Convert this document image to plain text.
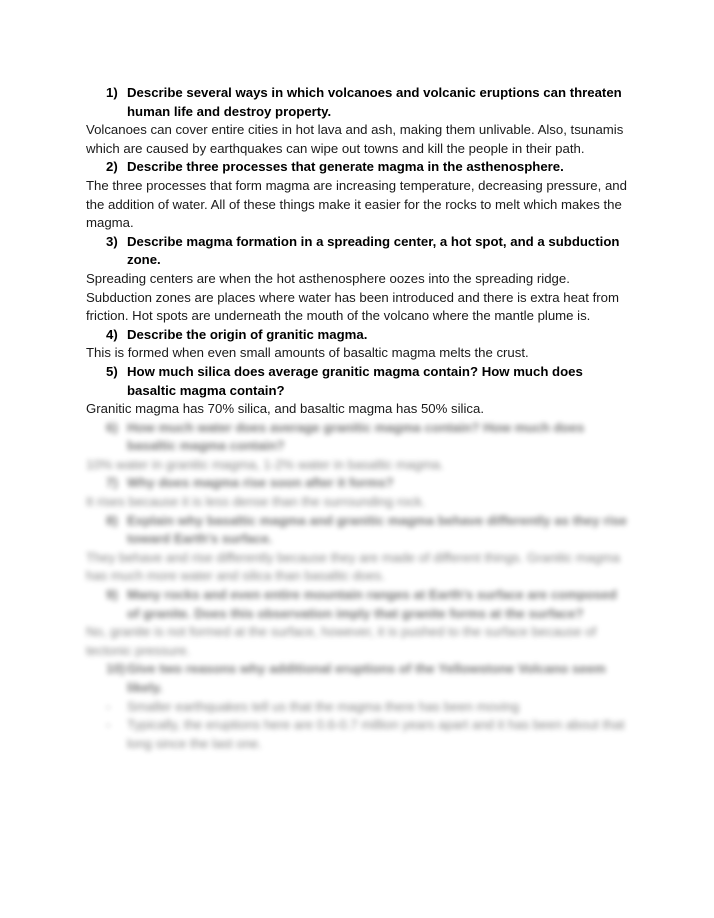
1) Describe several ways in which volcanoes and volcanic eruptions can threaten human life and destroy property.
Volcanoes can cover entire cities in hot lava and ash, making them unlivable. Also, tsunamis which are caused by earthquakes can wipe out towns and kill the people in their path.
2) Describe three processes that generate magma in the asthenosphere.
The three processes that form magma are increasing temperature, decreasing pressure, and the addition of water. All of these things make it easier for the rocks to melt which makes the magma.
3) Describe magma formation in a spreading center, a hot spot, and a subduction zone.
Spreading centers are when the hot asthenosphere oozes into the spreading ridge. Subduction zones are places where water has been introduced and there is extra heat from friction. Hot spots are underneath the mouth of the volcano where the mantle plume is.
4) Describe the origin of granitic magma.
This is formed when even small amounts of basaltic magma melts the crust.
5) How much silica does average granitic magma contain? How much does basaltic magma contain?
Granitic magma has 70% silica, and basaltic magma has 50% silica.
6) How much water does average granitic magma contain? How much does basaltic magma contain?
10% water in granitic magma, 1-2% water in basaltic magma.
7) Why does magma rise soon after it forms?
It rises because it is less dense than the surrounding rock.
8) Explain why basaltic magma and granitic magma behave differently as they rise toward Earth's surface.
They behave and rise differently because they are made of different things. Granitic magma has much more water and silica than basaltic does.
9) Many rocks and even entire mountain ranges at Earth's surface are composed of granite. Does this observation imply that granite forms at the surface?
No, granite is not formed at the surface, however, it is pushed to the surface because of tectonic pressure.
10) Give two reasons why additional eruptions of the Yellowstone Volcano seem likely.
- Smaller earthquakes tell us that the magma there has been moving
- Typically, the eruptions here are 0.6-0.7 million years apart and it has been about that long since the last one.
